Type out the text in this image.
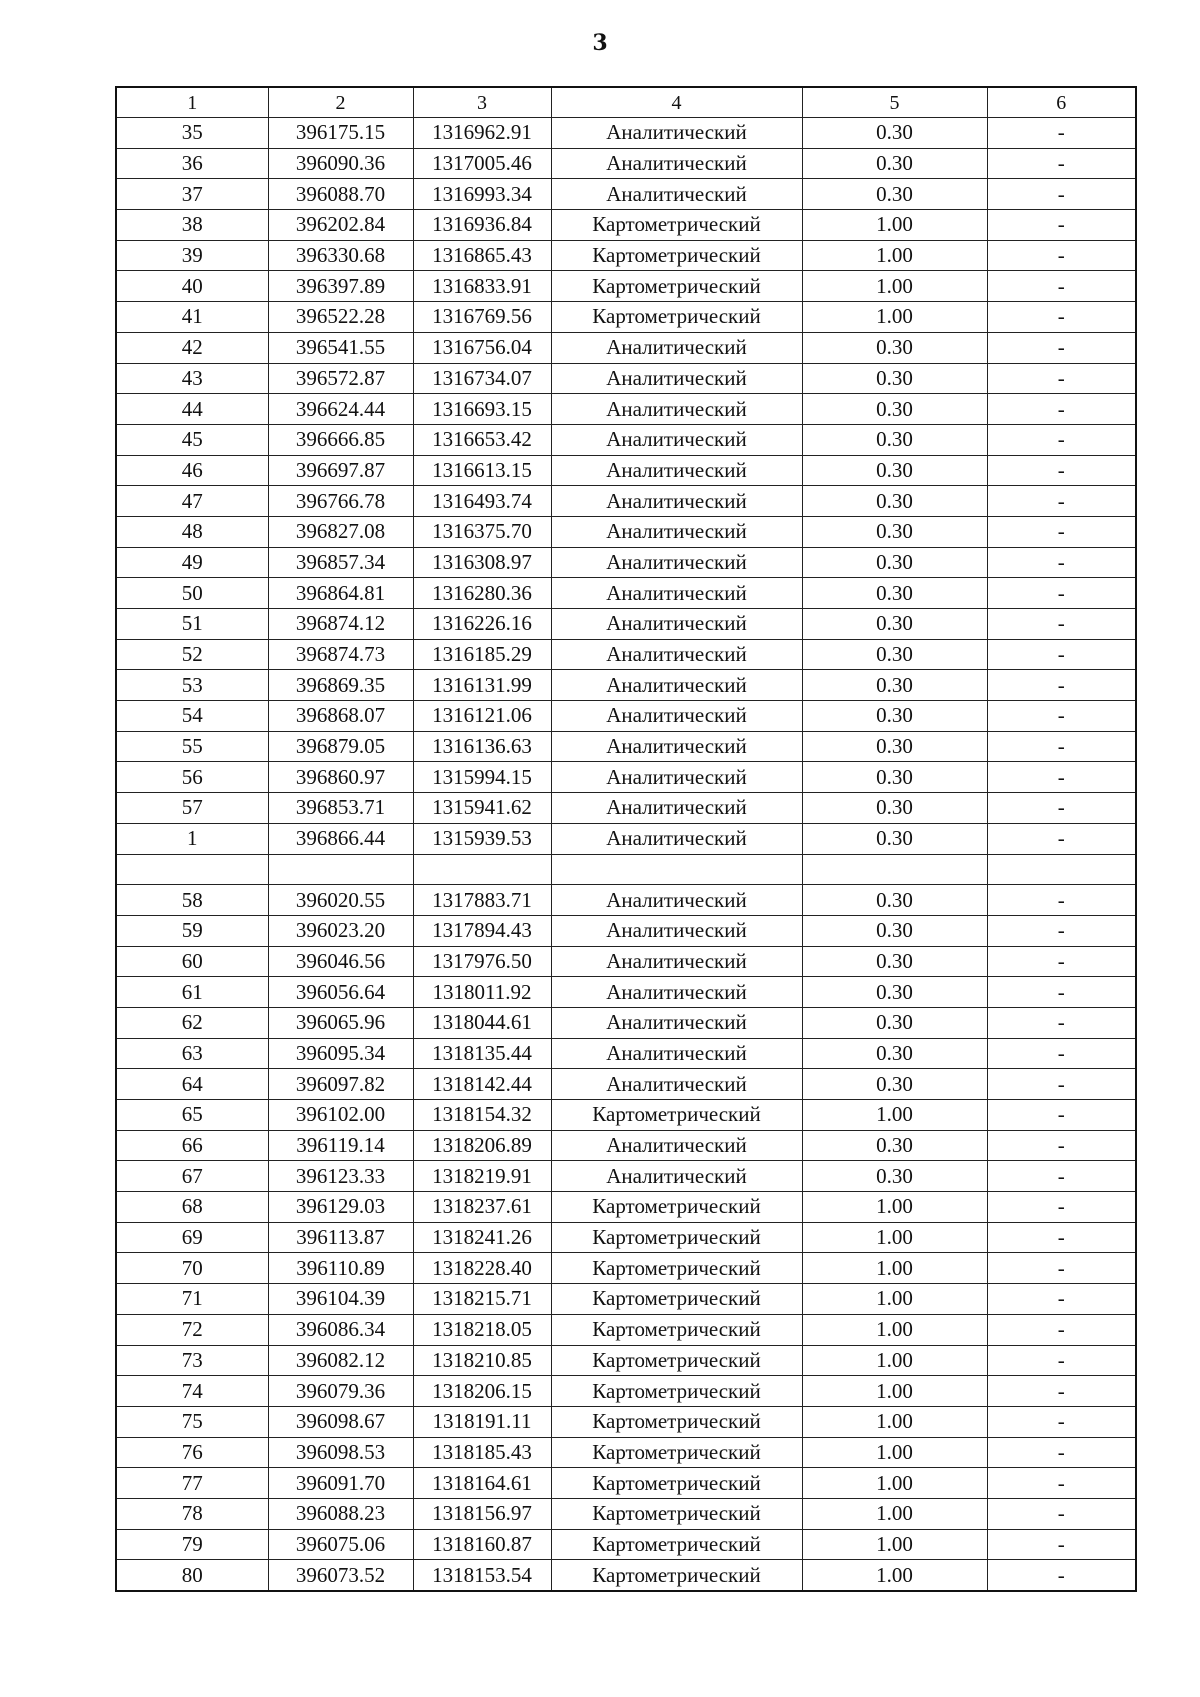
3
1	2	3	4	5	6
35	396175.15	1316962.91	Аналитический	0.30	-
36	396090.36	1317005.46	Аналитический	0.30	-
37	396088.70	1316993.34	Аналитический	0.30	-
38	396202.84	1316936.84	Картометрический	1.00	-
39	396330.68	1316865.43	Картометрический	1.00	-
40	396397.89	1316833.91	Картометрический	1.00	-
41	396522.28	1316769.56	Картометрический	1.00	-
42	396541.55	1316756.04	Аналитический	0.30	-
43	396572.87	1316734.07	Аналитический	0.30	-
44	396624.44	1316693.15	Аналитический	0.30	-
45	396666.85	1316653.42	Аналитический	0.30	-
46	396697.87	1316613.15	Аналитический	0.30	-
47	396766.78	1316493.74	Аналитический	0.30	-
48	396827.08	1316375.70	Аналитический	0.30	-
49	396857.34	1316308.97	Аналитический	0.30	-
50	396864.81	1316280.36	Аналитический	0.30	-
51	396874.12	1316226.16	Аналитический	0.30	-
52	396874.73	1316185.29	Аналитический	0.30	-
53	396869.35	1316131.99	Аналитический	0.30	-
54	396868.07	1316121.06	Аналитический	0.30	-
55	396879.05	1316136.63	Аналитический	0.30	-
56	396860.97	1315994.15	Аналитический	0.30	-
57	396853.71	1315941.62	Аналитический	0.30	-
1	396866.44	1315939.53	Аналитический	0.30	-

58	396020.55	1317883.71	Аналитический	0.30	-
59	396023.20	1317894.43	Аналитический	0.30	-
60	396046.56	1317976.50	Аналитический	0.30	-
61	396056.64	1318011.92	Аналитический	0.30	-
62	396065.96	1318044.61	Аналитический	0.30	-
63	396095.34	1318135.44	Аналитический	0.30	-
64	396097.82	1318142.44	Аналитический	0.30	-
65	396102.00	1318154.32	Картометрический	1.00	-
66	396119.14	1318206.89	Аналитический	0.30	-
67	396123.33	1318219.91	Аналитический	0.30	-
68	396129.03	1318237.61	Картометрический	1.00	-
69	396113.87	1318241.26	Картометрический	1.00	-
70	396110.89	1318228.40	Картометрический	1.00	-
71	396104.39	1318215.71	Картометрический	1.00	-
72	396086.34	1318218.05	Картометрический	1.00	-
73	396082.12	1318210.85	Картометрический	1.00	-
74	396079.36	1318206.15	Картометрический	1.00	-
75	396098.67	1318191.11	Картометрический	1.00	-
76	396098.53	1318185.43	Картометрический	1.00	-
77	396091.70	1318164.61	Картометрический	1.00	-
78	396088.23	1318156.97	Картометрический	1.00	-
79	396075.06	1318160.87	Картометрический	1.00	-
80	396073.52	1318153.54	Картометрический	1.00	-
